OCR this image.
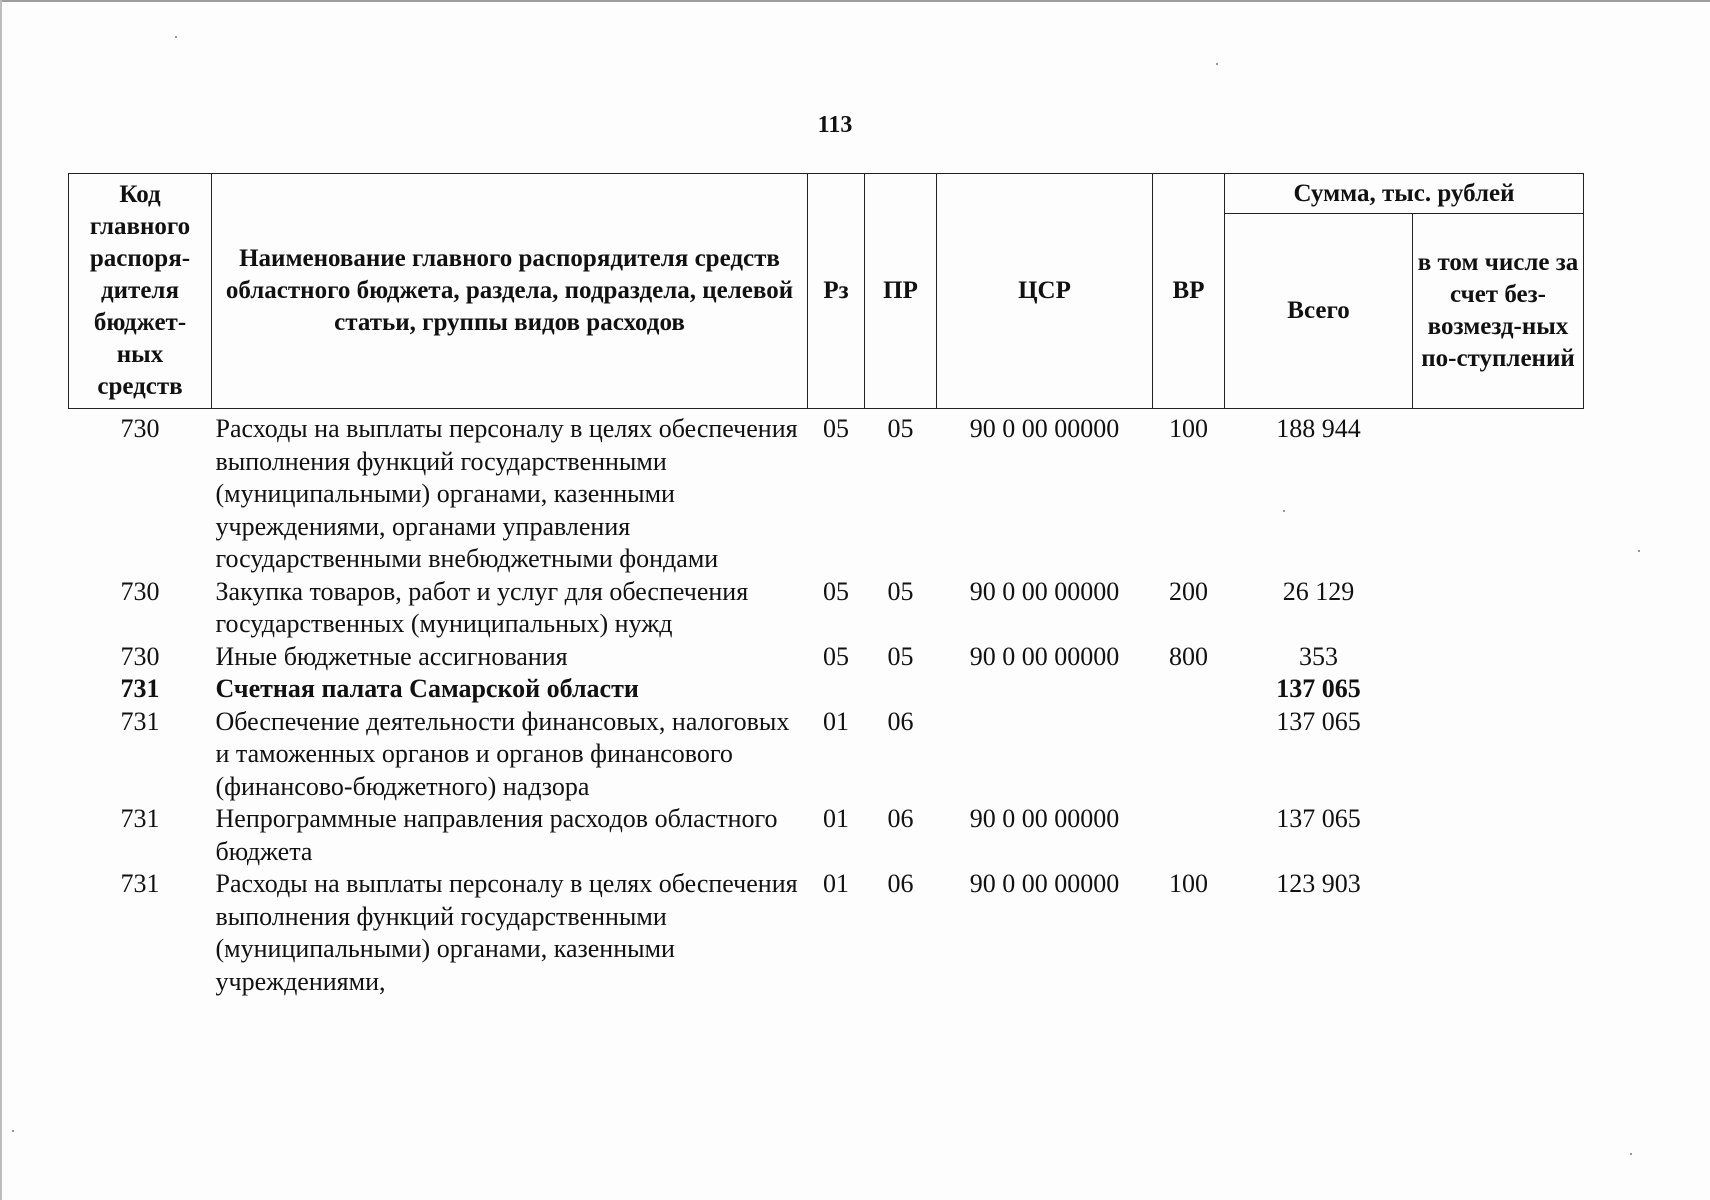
113
Код главного распоря-дителя бюджет-ных средств	Наименование главного распорядителя средств областного бюджета, раздела, подраздела, целевой статьи, группы видов расходов	Рз	ПР	ЦСР	ВР	Сумма, тыс. рублей	
						Всего	в том числе за счет без-возмезд-ных по-ступлений
730	Расходы на выплаты персоналу в целях обеспечения выполнения функций государственными (муниципальными) органами, казенными учреждениями, органами управления государственными внебюджетными фондами	05	05	90 0 00 00000	100	188 944	
730	Закупка товаров, работ и услуг для обеспечения государственных (муниципальных) нужд	05	05	90 0 00 00000	200	26 129	
730	Иные бюджетные ассигнования	05	05	90 0 00 00000	800	353	
731	Счетная палата Самарской области					137 065	
731	Обеспечение деятельности финансовых, налоговых и таможенных органов и органов финансового (финансово-бюджетного) надзора	01	06			137 065	
731	Непрограммные направления расходов областного бюджета	01	06	90 0 00 00000		137 065	
731	Расходы на выплаты персоналу в целях обеспечения выполнения функций государственными (муниципальными) органами, казенными учреждениями,	01	06	90 0 00 00000	100	123 903	
